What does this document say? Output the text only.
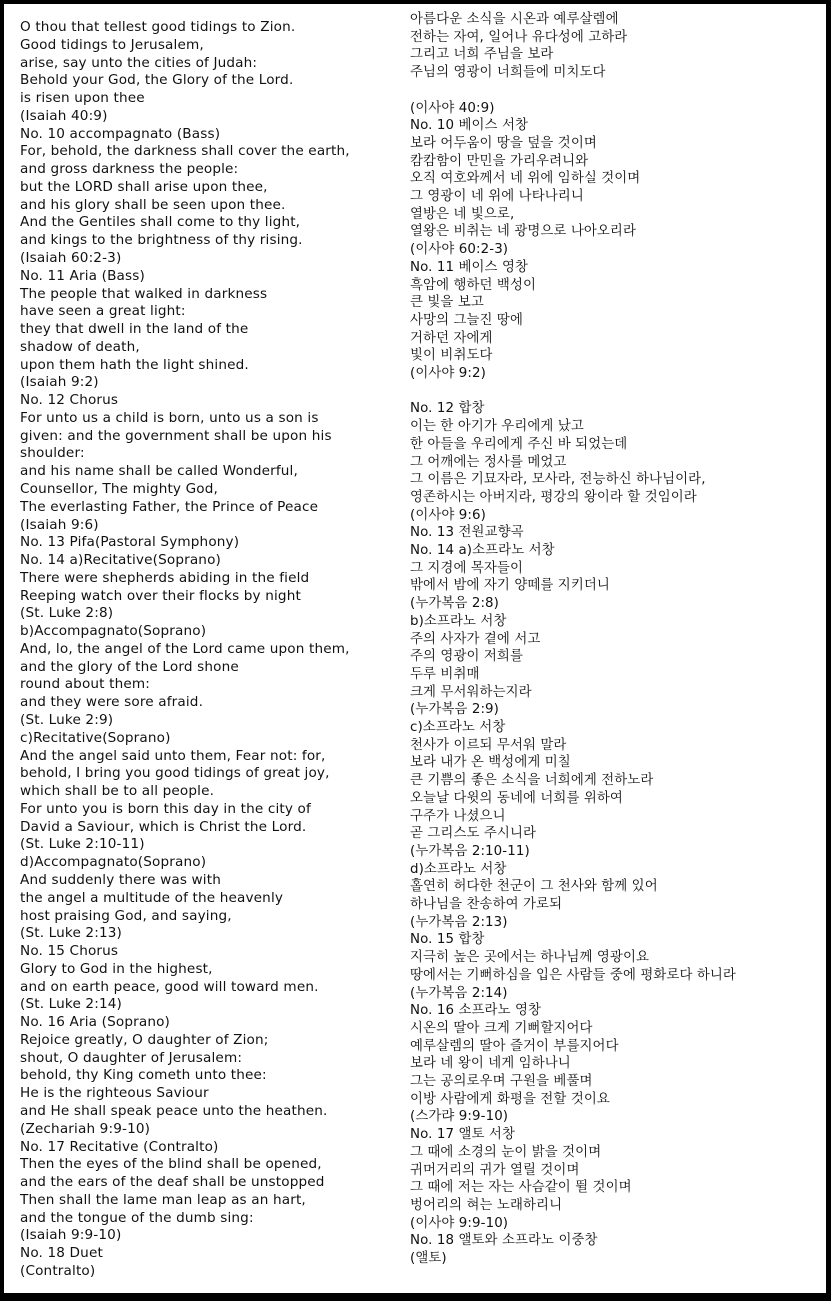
O thou that tellest good tidings to Zion.
Good tidings to Jerusalem,
arise, say unto the cities of Judah:
Behold your God, the Glory of the Lord.
is risen upon thee
(Isaiah 40:9)
No. 10 accompagnato (Bass)
For, behold, the darkness shall cover the earth,
and gross darkness the people:
but the LORD shall arise upon thee,
and his glory shall be seen upon thee.
And the Gentiles shall come to thy light,
and kings to the brightness of thy rising.
(Isaiah 60:2-3)
No. 11 Aria (Bass)
The people that walked in darkness
have seen a great light:
they that dwell in the land of the
shadow of death,
upon them hath the light shined.
(Isaiah 9:2)
No. 12 Chorus
For unto us a child is born, unto us a son is
given: and the government shall be upon his
shoulder:
and his name shall be called Wonderful,
Counsellor, The mighty God,
The everlasting Father, the Prince of Peace
(Isaiah 9:6)
No. 13 Pifa(Pastoral Symphony)
No. 14 a)Recitative(Soprano)
There were shepherds abiding in the field
Reeping watch over their flocks by night
(St. Luke 2:8)
b)Accompagnato(Soprano)
And, lo, the angel of the Lord came upon them,
and the glory of the Lord shone
round about them:
and they were sore afraid.
(St. Luke 2:9)
c)Recitative(Soprano)
And the angel said unto them, Fear not: for,
behold, I bring you good tidings of great joy,
which shall be to all people.
For unto you is born this day in the city of
David a Saviour, which is Christ the Lord.
(St. Luke 2:10-11)
d)Accompagnato(Soprano)
And suddenly there was with
the angel a multitude of the heavenly
host praising God, and saying,
(St. Luke 2:13)
No. 15 Chorus
Glory to God in the highest,
and on earth peace, good will toward men.
(St. Luke 2:14)
No. 16 Aria (Soprano)
Rejoice greatly, O daughter of Zion;
shout, O daughter of Jerusalem:
behold, thy King cometh unto thee:
He is the righteous Saviour
and He shall speak peace unto the heathen.
(Zechariah 9:9-10)
No. 17 Recitative (Contralto)
Then the eyes of the blind shall be opened,
and the ears of the deaf shall be unstopped
Then shall the lame man leap as an hart,
and the tongue of the dumb sing:
(Isaiah 9:9-10)
No. 18 Duet
(Contralto)
아름다운 소식을 시온과 예루살렘에
전하는 자여, 일어나 유다성에 고하라
그리고 너희 주님을 보라
주님의 영광이 너희들에 미치도다
(이사야 40:9)
No. 10 베이스 서창
보라 어두움이 땅을 덮을 것이며
캄캄함이 만민을 가리우려니와
오직 여호와께서 네 위에 임하실 것이며
그 영광이 네 위에 나타나리니
열방은 네 빛으로,
열왕은 비취는 네 광명으로 나아오리라
(이사야 60:2-3)
No. 11 베이스 영창
흑암에 행하던 백성이
큰 빛을 보고
사망의 그늘진 땅에
거하던 자에게
빛이 비취도다
(이사야 9:2)
No. 12 합창
이는 한 아기가 우리에게 났고
한 아들을 우리에게 주신 바 되었는데
그 어깨에는 정사를 메었고
그 이름은 기묘자라, 모사라, 전능하신 하나님이라,
영존하시는 아버지라, 평강의 왕이라 할 것임이라
(이사야 9:6)
No. 13 전원교향곡
No. 14 a)소프라노 서창
그 지경에 목자들이
밖에서 밤에 자기 양떼를 지키더니
(누가복음 2:8)
b)소프라노 서창
주의 사자가 곁에 서고
주의 영광이 저희를
두루 비취매
크게 무서워하는지라
(누가복음 2:9)
c)소프라노 서창
천사가 이르되 무서워 말라
보라 내가 온 백성에게 미칠
큰 기쁨의 좋은 소식을 너희에게 전하노라
오늘날 다윗의 동네에 너희를 위하여
구주가 나셨으니
곧 그리스도 주시니라
(누가복음 2:10-11)
d)소프라노 서창
홀연히 허다한 천군이 그 천사와 함께 있어
하나님을 찬송하여 가로되
(누가복음 2:13)
No. 15 합창
지극히 높은 곳에서는 하나님께 영광이요
땅에서는 기뻐하심을 입은 사람들 중에 평화로다 하니라
(누가복음 2:14)
No. 16 소프라노 영창
시온의 딸아 크게 기뻐할지어다
예루살렘의 딸아 즐거이 부를지어다
보라 네 왕이 네게 임하나니
그는 공의로우며 구원을 베풀며
이방 사람에게 화평을 전할 것이요
(스가랴 9:9-10)
No. 17 앨토 서창
그 때에 소경의 눈이 밝을 것이며
귀머거리의 귀가 열릴 것이며
그 때에 저는 자는 사슴같이 뛸 것이며
벙어리의 혀는 노래하리니
(이사야 9:9-10)
No. 18 앨토와 소프라노 이중창
(앨토)
